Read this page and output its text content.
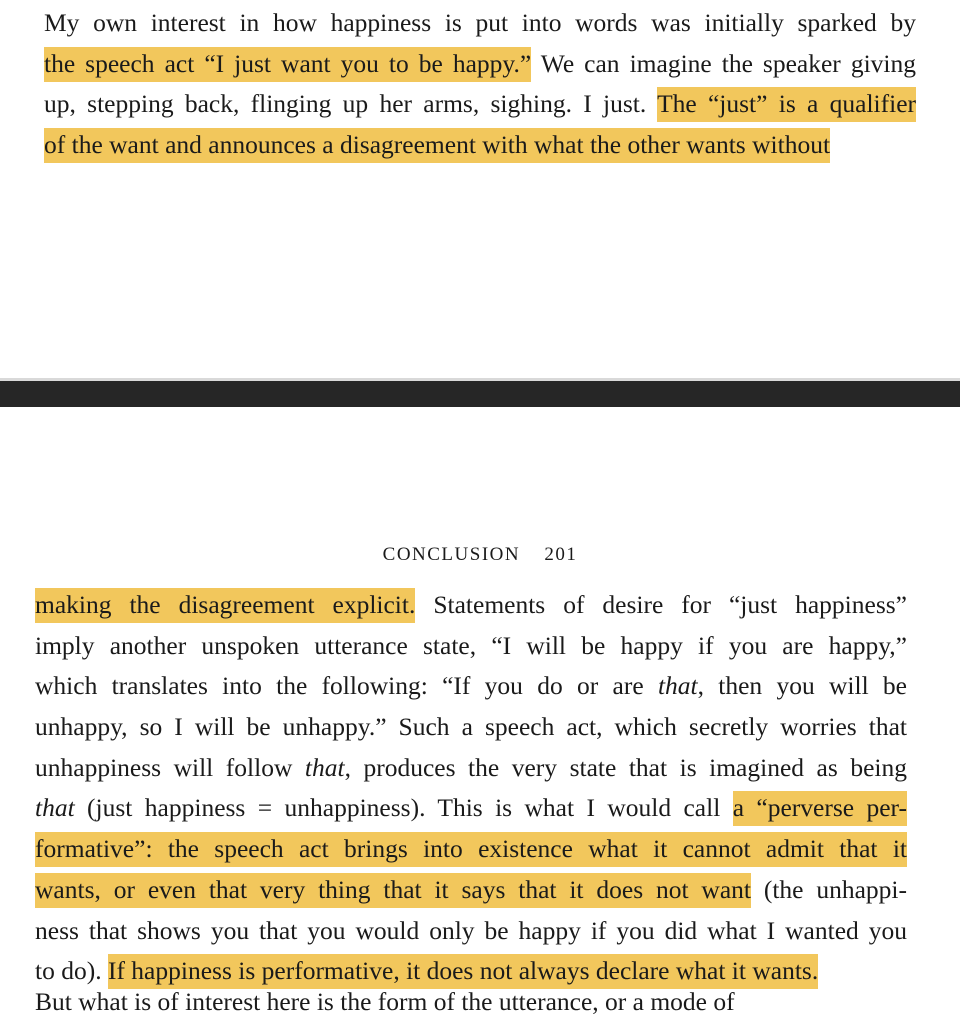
My own interest in how happiness is put into words was initially sparked by
the speech act “I just want you to be happy.” We can imagine the speaker giving
up, stepping back, flinging up her arms, sighing. I just. The “just” is a qualifier
of the want and announces a disagreement with what the other wants without
CONCLUSION 201
making the disagreement explicit. Statements of desire for “just happiness”
imply another unspoken utterance state, “I will be happy if you are happy,”
which translates into the following: “If you do or are that, then you will be
unhappy, so I will be unhappy.” Such a speech act, which secretly worries that
unhappiness will follow that, produces the very state that is imagined as being
that (just happiness = unhappiness). This is what I would call a “perverse per-
formative”: the speech act brings into existence what it cannot admit that it
wants, or even that very thing that it says that it does not want (the unhappi-
ness that shows you that you would only be happy if you did what I wanted you
to do). If happiness is performative, it does not always declare what it wants.
But what is of interest here is the form of the utterance, or a mode of
